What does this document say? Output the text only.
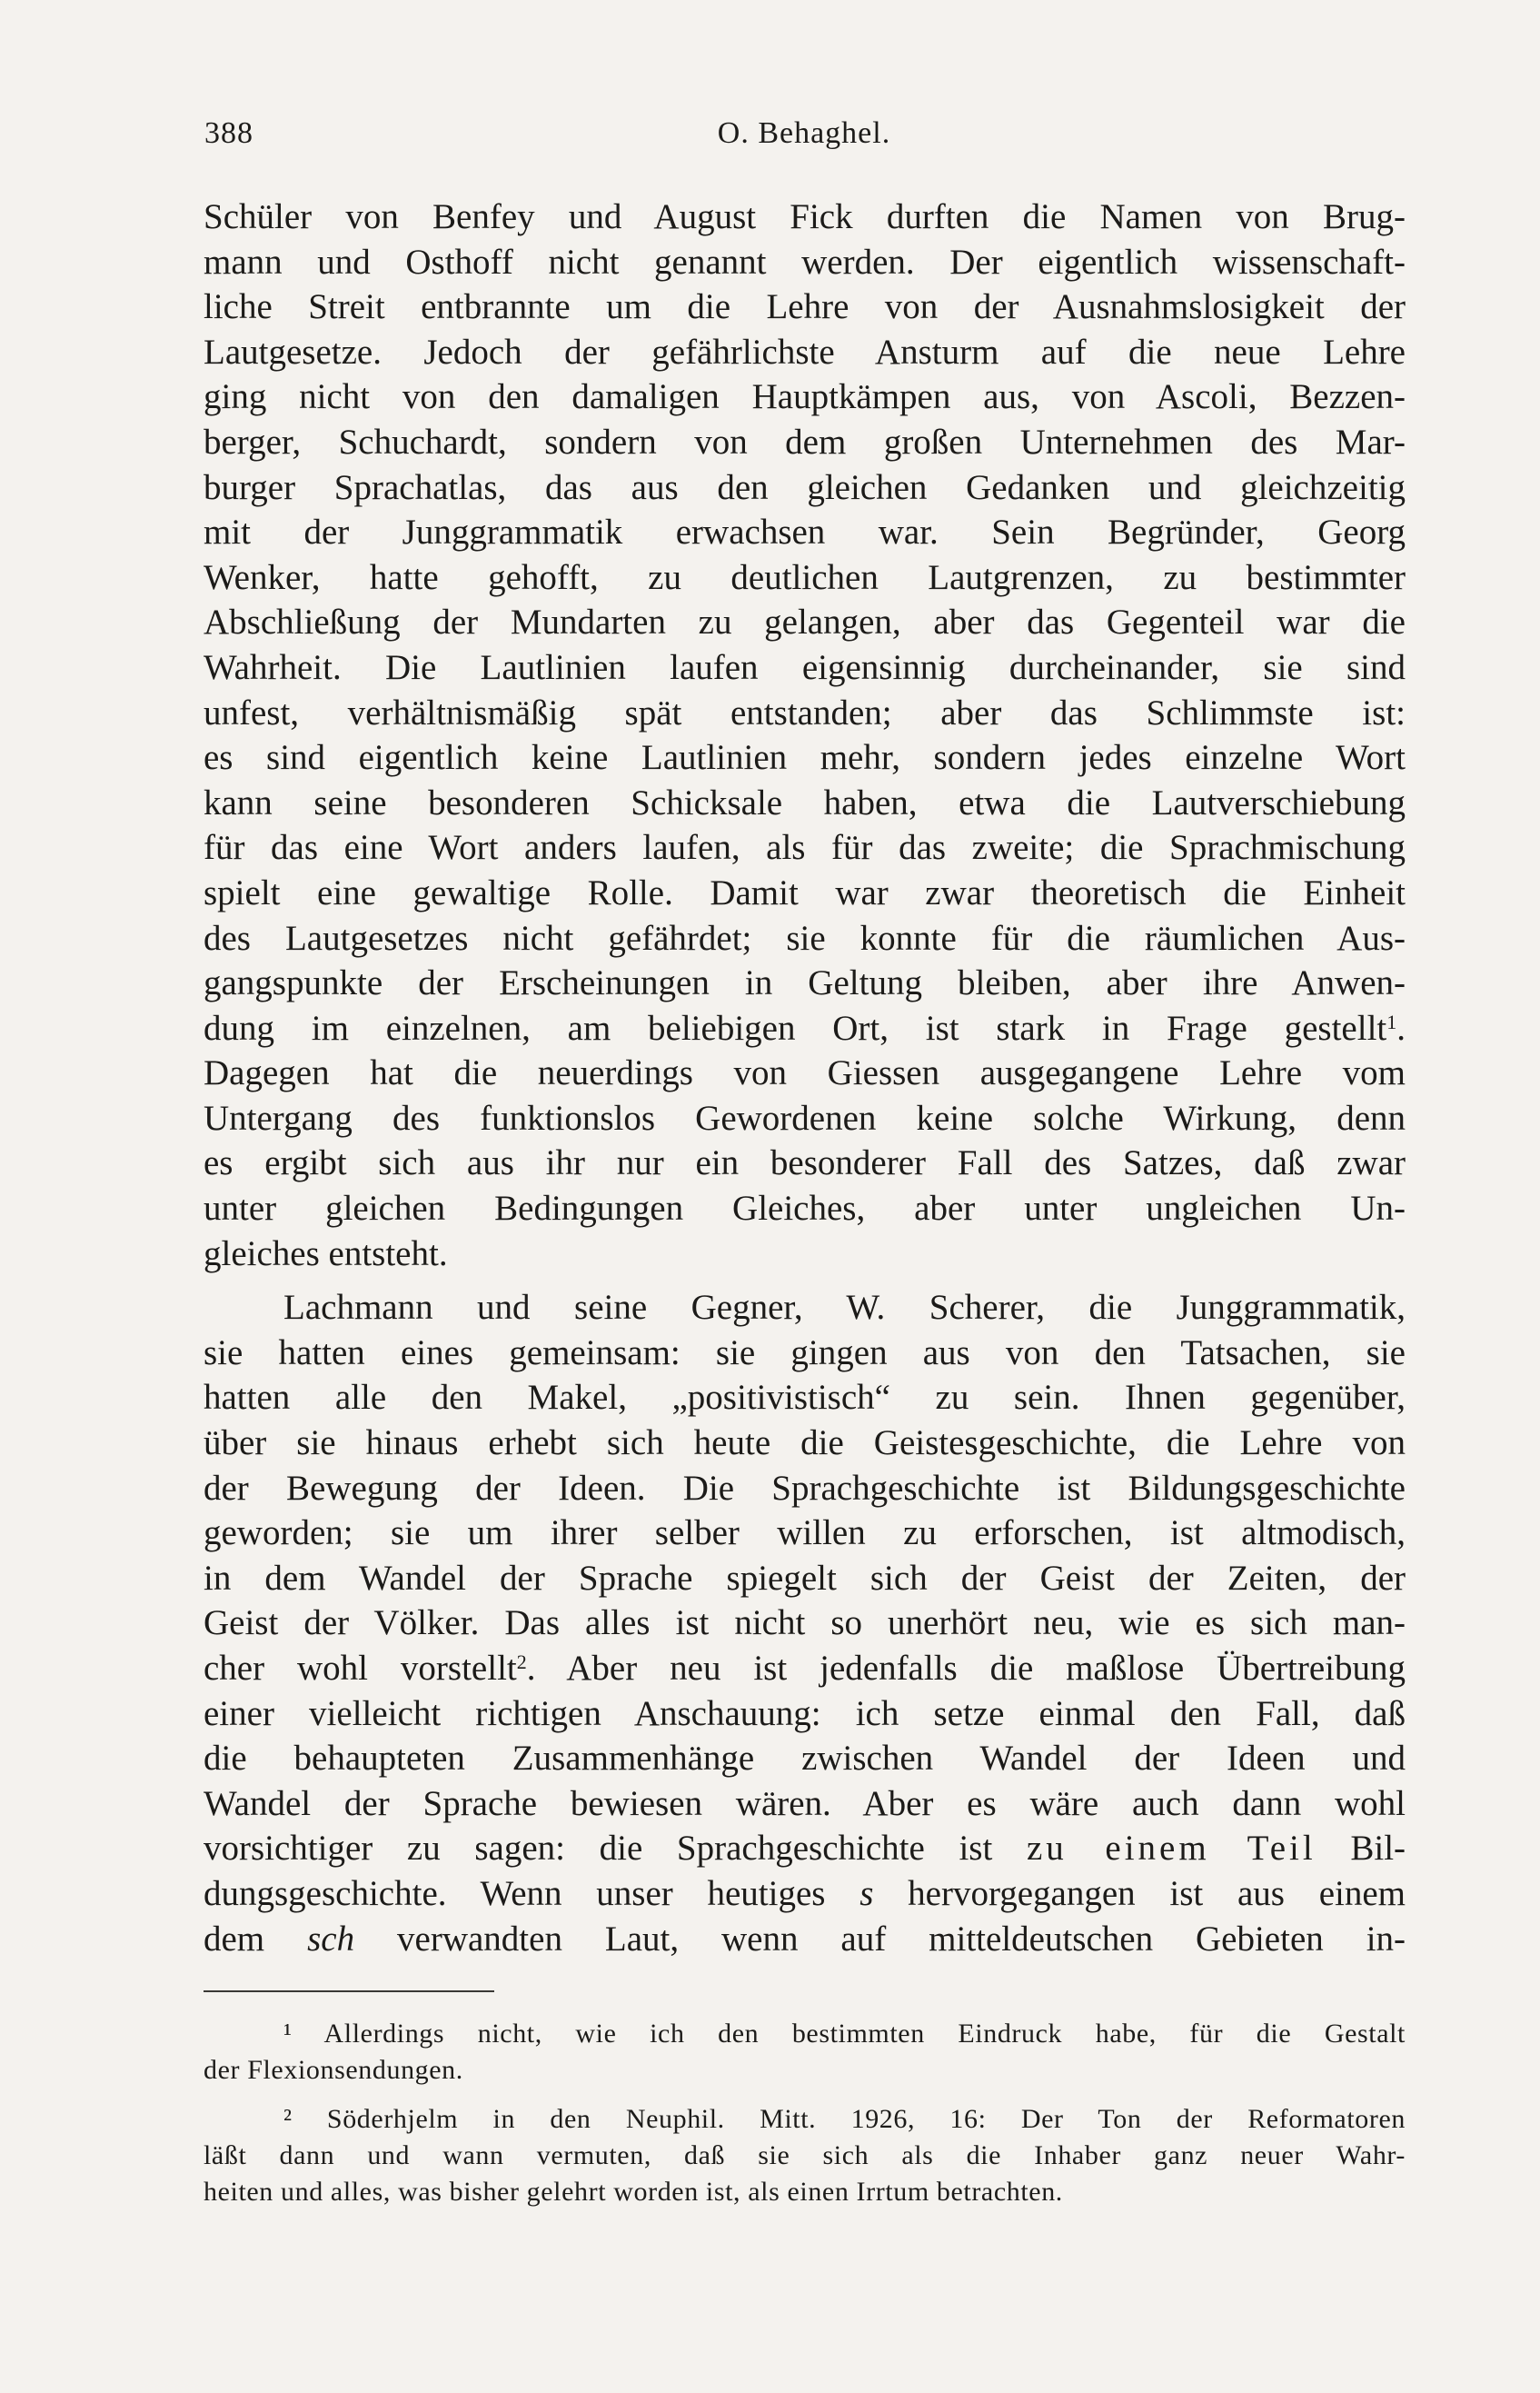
388	O. Behaghel.

Schüler von Benfey und August Fick durften die Namen von Brug-
mann und Osthoff nicht genannt werden. Der eigentlich wissenschaft-
liche Streit entbrannte um die Lehre von der Ausnahmslosigkeit der
Lautgesetze. Jedoch der gefährlichste Ansturm auf die neue Lehre
ging nicht von den damaligen Hauptkämpen aus, von Ascoli, Bezzen-
berger, Schuchardt, sondern von dem großen Unternehmen des Mar-
burger Sprachatlas, das aus den gleichen Gedanken und gleichzeitig
mit der Junggrammatik erwachsen war. Sein Begründer, Georg
Wenker, hatte gehofft, zu deutlichen Lautgrenzen, zu bestimmter
Abschließung der Mundarten zu gelangen, aber das Gegenteil war die
Wahrheit. Die Lautlinien laufen eigensinnig durcheinander, sie sind
unfest, verhältnismäßig spät entstanden; aber das Schlimmste ist:
es sind eigentlich keine Lautlinien mehr, sondern jedes einzelne Wort
kann seine besonderen Schicksale haben, etwa die Lautverschiebung
für das eine Wort anders laufen, als für das zweite; die Sprachmischung
spielt eine gewaltige Rolle. Damit war zwar theoretisch die Einheit
des Lautgesetzes nicht gefährdet; sie konnte für die räumlichen Aus-
gangspunkte der Erscheinungen in Geltung bleiben, aber ihre Anwen-
dung im einzelnen, am beliebigen Ort, ist stark in Frage gestellt$^1$.
Dagegen hat die neuerdings von Giessen ausgegangene Lehre vom
Untergang des funktionslos Gewordenen keine solche Wirkung, denn
es ergibt sich aus ihr nur ein besonderer Fall des Satzes, daß zwar
unter gleichen Bedingungen Gleiches, aber unter ungleichen Un-
gleiches entsteht.

Lachmann und seine Gegner, W. Scherer, die Junggrammatik,
sie hatten eines gemeinsam: sie gingen aus von den Tatsachen, sie
hatten alle den Makel, „positivistisch“ zu sein. Ihnen gegenüber,
über sie hinaus erhebt sich heute die Geistesgeschichte, die Lehre von
der Bewegung der Ideen. Die Sprachgeschichte ist Bildungsgeschichte
geworden; sie um ihrer selber willen zu erforschen, ist altmodisch,
in dem Wandel der Sprache spiegelt sich der Geist der Zeiten, der
Geist der Völker. Das alles ist nicht so unerhört neu, wie es sich man-
cher wohl vorstellt$^2$. Aber neu ist jedenfalls die maßlose Übertreibung
einer vielleicht richtigen Anschauung: ich setze einmal den Fall, daß
die behaupteten Zusammenhänge zwischen Wandel der Ideen und
Wandel der Sprache bewiesen wären. Aber es wäre auch dann wohl
vorsichtiger zu sagen: die Sprachgeschichte ist zu einem Teil Bil-
dungsgeschichte. Wenn unser heutiges s hervorgegangen ist aus einem
dem sch verwandten Laut, wenn auf mitteldeutschen Gebieten in-

¹ Allerdings nicht, wie ich den bestimmten Eindruck habe, für die Gestalt
der Flexionsendungen.
² Söderhjelm in den Neuphil. Mitt. 1926, 16: Der Ton der Reformatoren
läßt dann und wann vermuten, daß sie sich als die Inhaber ganz neuer Wahr-
heiten und alles, was bisher gelehrt worden ist, als einen Irrtum betrachten.
